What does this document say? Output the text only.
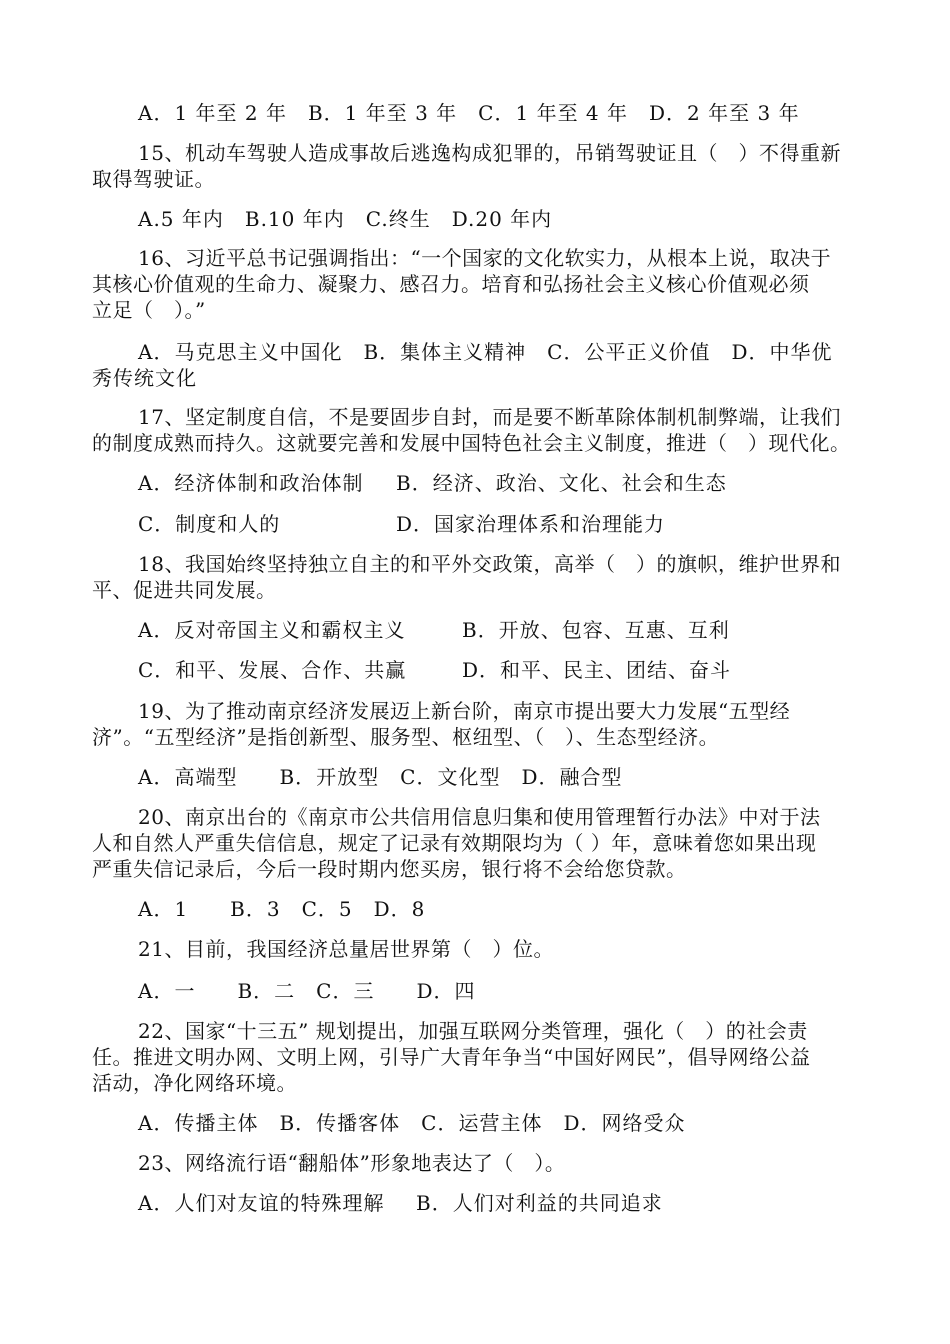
A．1 年至 2 年　B．1 年至 3 年　C．1 年至 4 年　D．2 年至 3 年
15、机动车驾驶人造成事故后逃逸构成犯罪的，吊销驾驶证且（　）不得重新
取得驾驶证。
A.5 年内　B.10 年内　C.终生　D.20 年内
16、习近平总书记强调指出：“一个国家的文化软实力，从根本上说，取决于
其核心价值观的生命力、凝聚力、感召力。培育和弘扬社会主义核心价值观必须
立足（　）。”
A．马克思主义中国化　B．集体主义精神　C．公平正义价值　D．中华优
秀传统文化
17、坚定制度自信，不是要固步自封，而是要不断革除体制机制弊端，让我们
的制度成熟而持久。这就要完善和发展中国特色社会主义制度，推进（　）现代化。
A．经济体制和政治体制 B．经济、政治、文化、社会和生态
C．制度和人的	D．国家治理体系和治理能力
18、我国始终坚持独立自主的和平外交政策，高举（　）的旗帜，维护世界和
平、促进共同发展。
A．反对帝国主义和霸权主义	B．开放、包容、互惠、互利
C．和平、发展、合作、共赢	D．和平、民主、团结、奋斗
19、为了推动南京经济发展迈上新台阶，南京市提出要大力发展“五型经
济”。“五型经济”是指创新型、服务型、枢纽型、（　）、生态型经济。
A．高端型　　B．开放型　C．文化型　D．融合型
20、南京出台的《南京市公共信用信息归集和使用管理暂行办法》中对于法
人和自然人严重失信信息，规定了记录有效期限均为（ ）年，意味着您如果出现
严重失信记录后，今后一段时期内您买房，银行将不会给您贷款。
A．1　　B．3　C．5　D．8
21、目前，我国经济总量居世界第（　）位。
A．一　　B．二　C．三　　D．四
22、国家“十三五” 规划提出，加强互联网分类管理，强化（　）的社会责
任。推进文明办网、文明上网，引导广大青年争当“中国好网民”，倡导网络公益
活动，净化网络环境。
A．传播主体　B．传播客体　C．运营主体　D．网络受众
23、网络流行语“翻船体”形象地表达了（　）。
A．人们对友谊的特殊理解 B．人们对利益的共同追求
